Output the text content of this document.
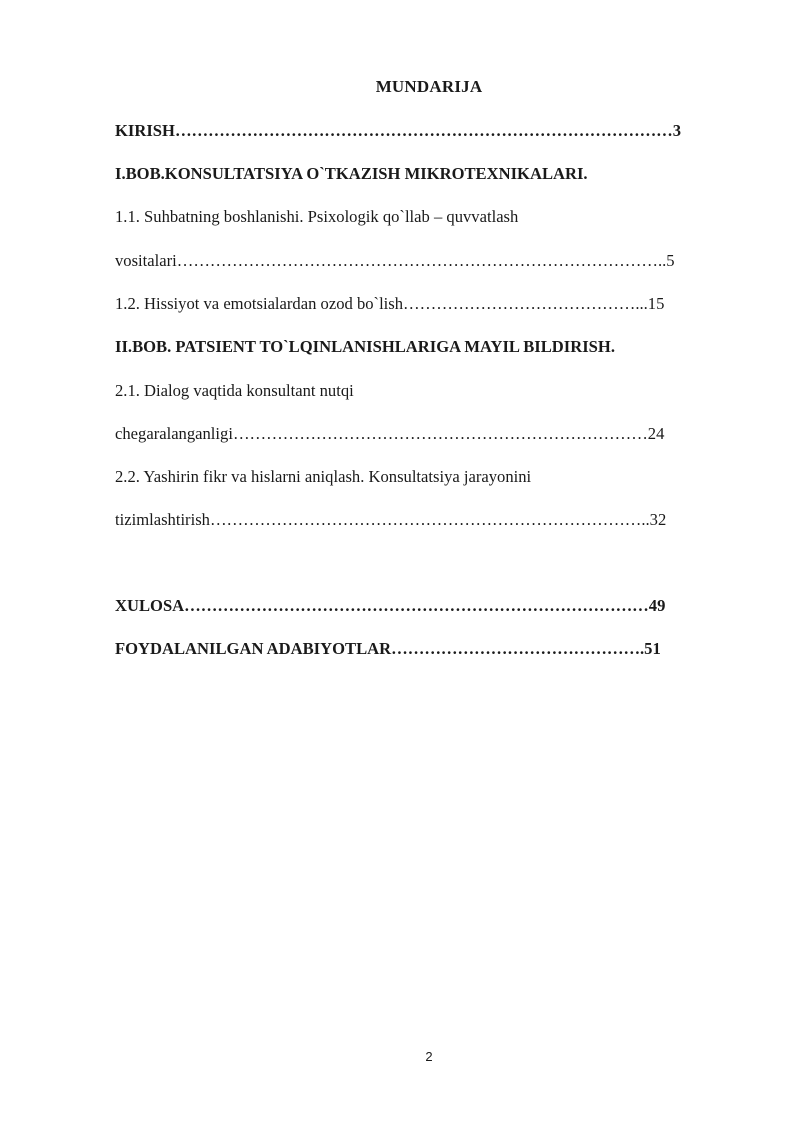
MUNDARIJA
KIRISH………………………………………………………………………………3
I.BOB.KONSULTATSIYA O`TKAZISH MIKROTEXNIKALARI.
1.1. Suhbatning boshlanishi. Psixologik qo`llab – quvvatlash
vositalari……………………………………………………………………………..5
1.2. Hissiyot va emotsialardan ozod bo`lish……………………………………...15
II.BOB. PATSIENT TO`LQINLANISHLARIGA MAYIL BILDIRISH.
2.1. Dialog vaqtida konsultant nutqi
chegaralanganligi…………………………………………………………………24
2.2. Yashirin fikr va hislarni aniqlash. Konsultatsiya jarayonini
tizimlashtirish……………………………………………………………………..32
XULOSA…………………………………………………………………………49
FOYDALANILGAN ADABIYOTLAR……………………………………….51
2
